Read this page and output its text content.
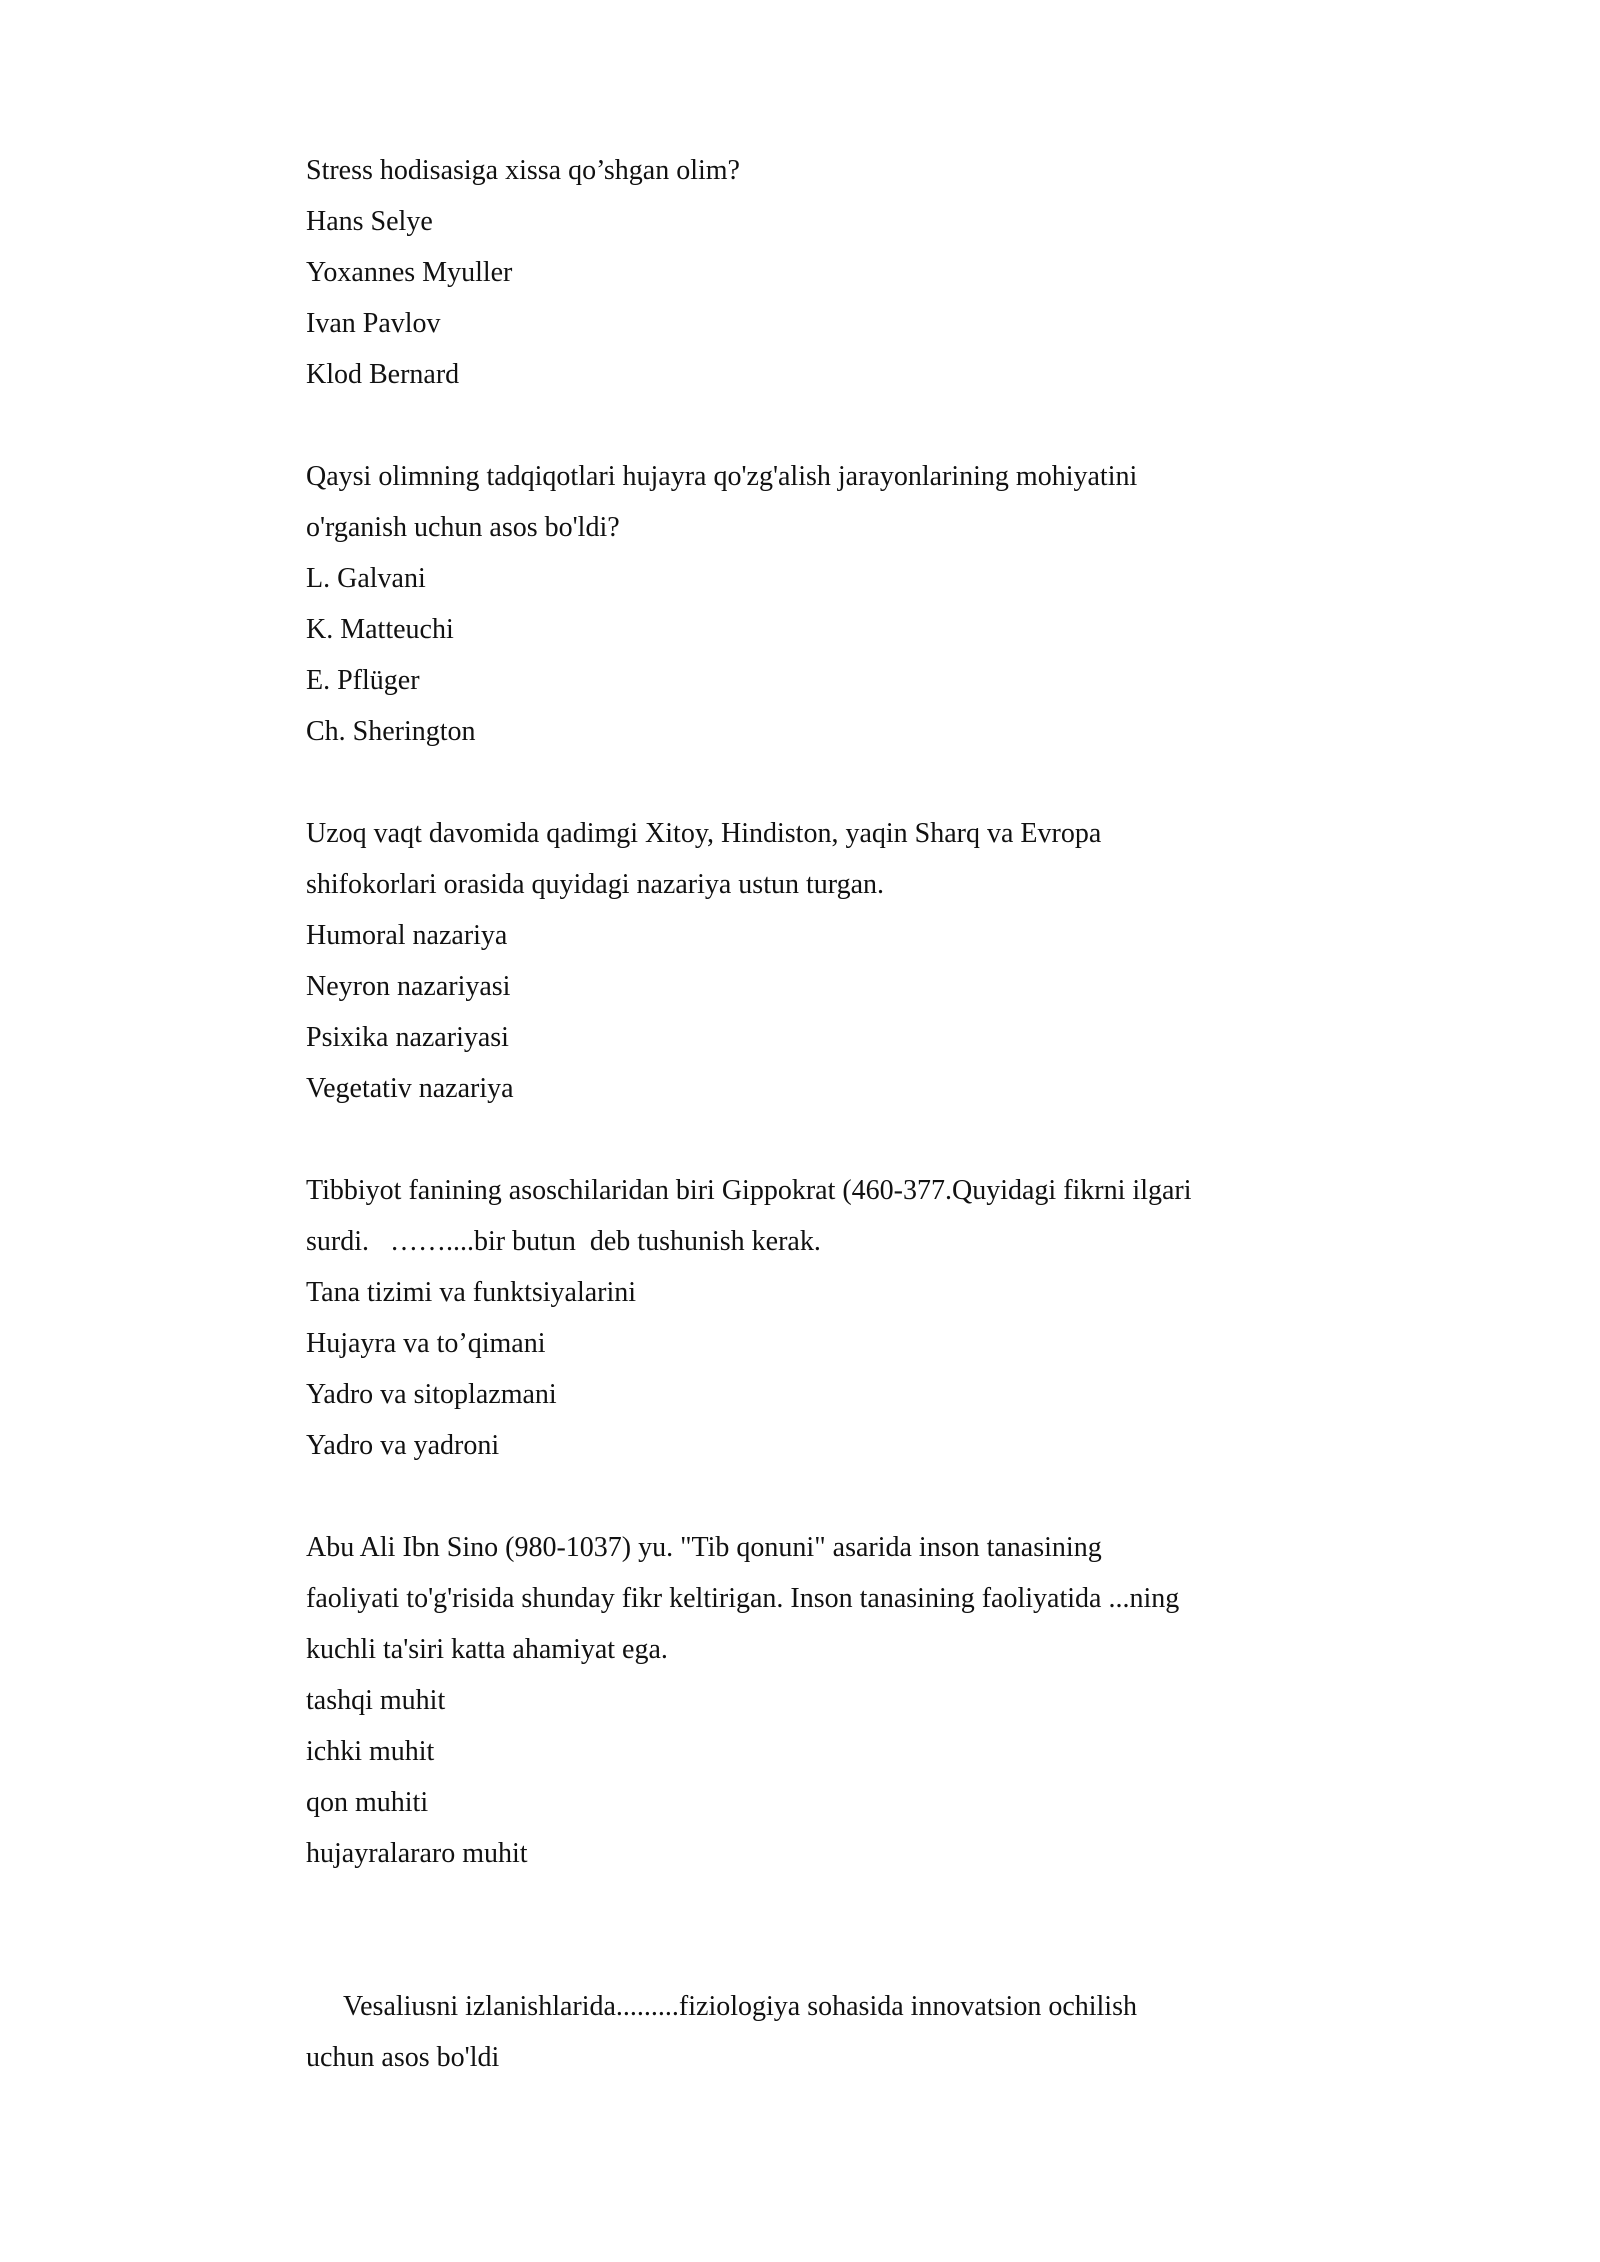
Stress hodisasiga xissa qo’shgan olim?
Hans Selye
Yoxannes Myuller
Ivan Pavlov
Klod Bernard
Qaysi olimning tadqiqotlari hujayra qo'zg'alish jarayonlarining mohiyatini
o'rganish uchun asos bo'ldi?
L. Galvani
K. Matteuchi
E. Pflüger
Ch. Sherington
Uzoq vaqt davomida qadimgi Xitoy, Hindiston, yaqin Sharq va Evropa
shifokorlari orasida quyidagi nazariya ustun turgan.
Humoral nazariya
Neyron nazariyasi
Psixika nazariyasi
Vegetativ nazariya
Tibbiyot fanining asoschilaridan biri Gippokrat (460-377.Quyidagi fikrni ilgari
surdi.   ……....bir butun  deb tushunish kerak.
Tana tizimi va funktsiyalarini
Hujayra va to’qimani
Yadro va sitoplazmani
Yadro va yadroni
Abu Ali Ibn Sino (980-1037) yu. "Tib qonuni" asarida inson tanasining
faoliyati to'g'risida shunday fikr keltirigan. Inson tanasining faoliyatida ...ning
kuchli ta'siri katta ahamiyat ega.
tashqi muhit
ichki muhit
qon muhiti
hujayralararo muhit
Vesaliusni izlanishlarida.........fiziologiya sohasida innovatsion ochilish
uchun asos bo'ldi
